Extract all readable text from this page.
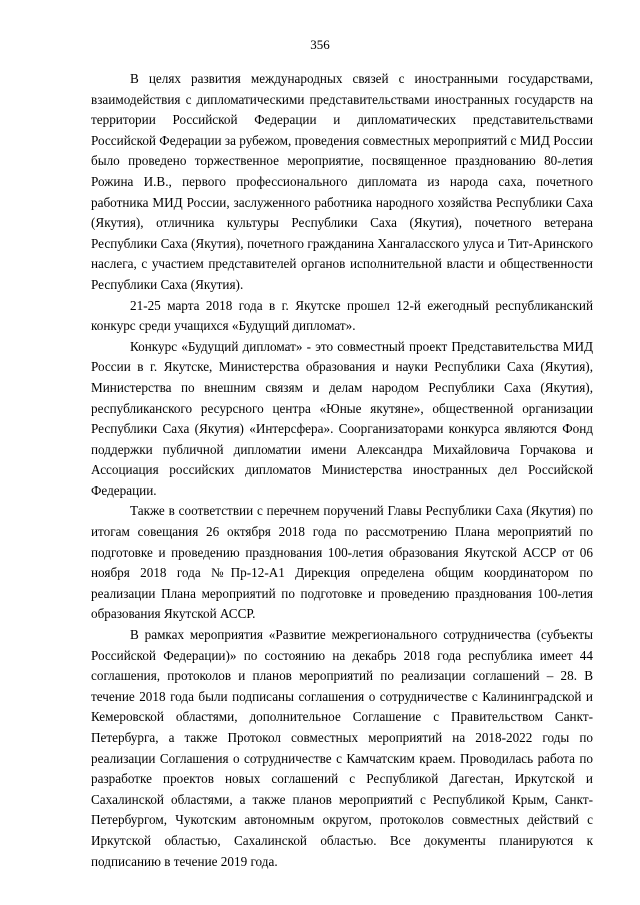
356

В целях развития международных связей с иностранными государствами, взаимодействия с дипломатическими представительствами иностранных государств на территории Российской Федерации и дипломатических представительствами Российской Федерации за рубежом, проведения совместных мероприятий с МИД России было проведено торжественное мероприятие, посвященное празднованию 80-летия Рожина И.В., первого профессионального дипломата из народа саха, почетного работника МИД России, заслуженного работника народного хозяйства Республики Саха (Якутия), отличника культуры Республики Саха (Якутия), почетного ветерана Республики Саха (Якутия), почетного гражданина Хангаласского улуса и Тит-Аринского наслега, с участием представителей органов исполнительной власти и общественности Республики Саха (Якутия).

21-25 марта 2018 года в г. Якутске прошел 12-й ежегодный республиканский конкурс среди учащихся «Будущий дипломат».

Конкурс «Будущий дипломат» - это совместный проект Представительства МИД России в г. Якутске, Министерства образования и науки Республики Саха (Якутия), Министерства по внешним связям и делам народом Республики Саха (Якутия), республиканского ресурсного центра «Юные якутяне», общественной организации Республики Саха (Якутия) «Интерсфера». Соорганизаторами конкурса являются Фонд поддержки публичной дипломатии имени Александра Михайловича Горчакова и Ассоциация российских дипломатов Министерства иностранных дел Российской Федерации.

Также в соответствии с перечнем поручений Главы Республики Саха (Якутия) по итогам совещания 26 октября 2018 года по рассмотрению Плана мероприятий по подготовке и проведению празднования 100-летия образования Якутской АССР от 06 ноября 2018 года №Пр-12-А1 Дирекция определена общим координатором по реализации Плана мероприятий по подготовке и проведению празднования 100-летия образования Якутской АССР.

В рамках мероприятия «Развитие межрегионального сотрудничества (субъекты Российской Федерации)» по состоянию на декабрь 2018 года республика имеет 44 соглашения, протоколов и планов мероприятий по реализации соглашений – 28. В течение 2018 года были подписаны соглашения о сотрудничестве с Калининградской и Кемеровской областями, дополнительное Соглашение с Правительством Санкт-Петербурга, а также Протокол совместных мероприятий на 2018-2022 годы по реализации Соглашения о сотрудничестве с Камчатским краем. Проводилась работа по разработке проектов новых соглашений с Республикой Дагестан, Иркутской и Сахалинской областями, а также планов мероприятий с Республикой Крым, Санкт-Петербургом, Чукотским автономным округом, протоколов совместных действий с Иркутской областью, Сахалинской областью. Все документы планируются к подписанию в течение 2019 года.
